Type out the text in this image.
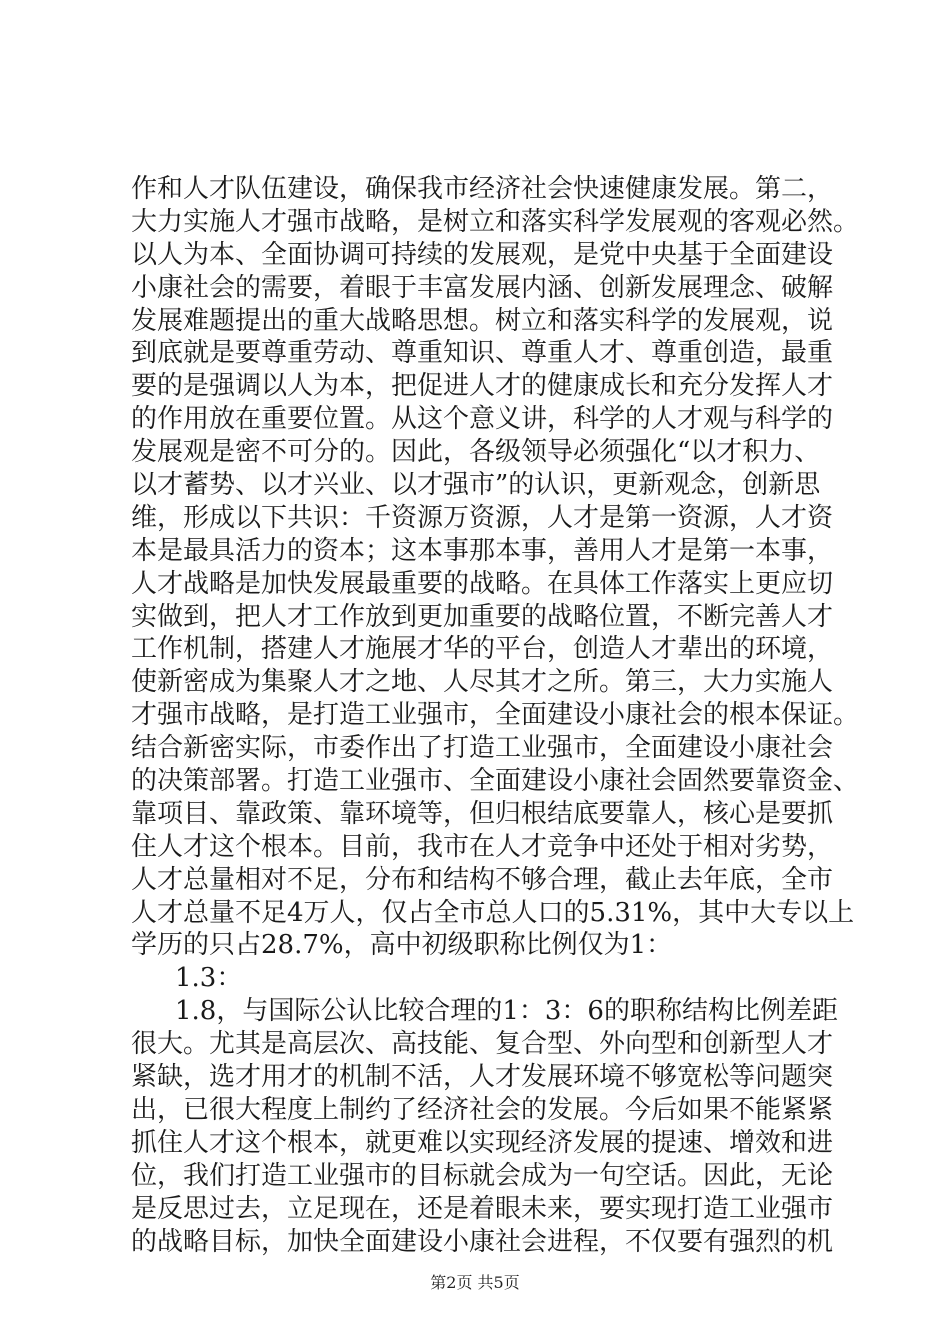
作和人才队伍建设，确保我市经济社会快速健康发展。第二，
大力实施人才强市战略，是树立和落实科学发展观的客观必然。
以人为本、全面协调可持续的发展观，是党中央基于全面建设
小康社会的需要，着眼于丰富发展内涵、创新发展理念、破解
发展难题提出的重大战略思想。树立和落实科学的发展观，说
到底就是要尊重劳动、尊重知识、尊重人才、尊重创造，最重
要的是强调以人为本，把促进人才的健康成长和充分发挥人才
的作用放在重要位置。从这个意义讲，科学的人才观与科学的
发展观是密不可分的。因此，各级领导必须强化“以才积力、
以才蓄势、以才兴业、以才强市”的认识，更新观念，创新思
维，形成以下共识：千资源万资源，人才是第一资源，人才资
本是最具活力的资本；这本事那本事，善用人才是第一本事，
人才战略是加快发展最重要的战略。在具体工作落实上更应切
实做到，把人才工作放到更加重要的战略位置，不断完善人才
工作机制，搭建人才施展才华的平台，创造人才辈出的环境，
使新密成为集聚人才之地、人尽其才之所。第三，大力实施人
才强市战略，是打造工业强市，全面建设小康社会的根本保证。
结合新密实际，市委作出了打造工业强市，全面建设小康社会
的决策部署。打造工业强市、全面建设小康社会固然要靠资金、
靠项目、靠政策、靠环境等，但归根结底要靠人，核心是要抓
住人才这个根本。目前，我市在人才竞争中还处于相对劣势，
人才总量相对不足，分布和结构不够合理，截止去年底，全市
人才总量不足4万人，仅占全市总人口的5.31%，其中大专以上
学历的只占28.7%，高中初级职称比例仅为1：
1.3：
1.8，与国际公认比较合理的1：3：6的职称结构比例差距
很大。尤其是高层次、高技能、复合型、外向型和创新型人才
紧缺，选才用才的机制不活，人才发展环境不够宽松等问题突
出，已很大程度上制约了经济社会的发展。今后如果不能紧紧
抓住人才这个根本，就更难以实现经济发展的提速、增效和进
位，我们打造工业强市的目标就会成为一句空话。因此，无论
是反思过去，立足现在，还是着眼未来，要实现打造工业强市
的战略目标，加快全面建设小康社会进程，不仅要有强烈的机
第2页 共5页
